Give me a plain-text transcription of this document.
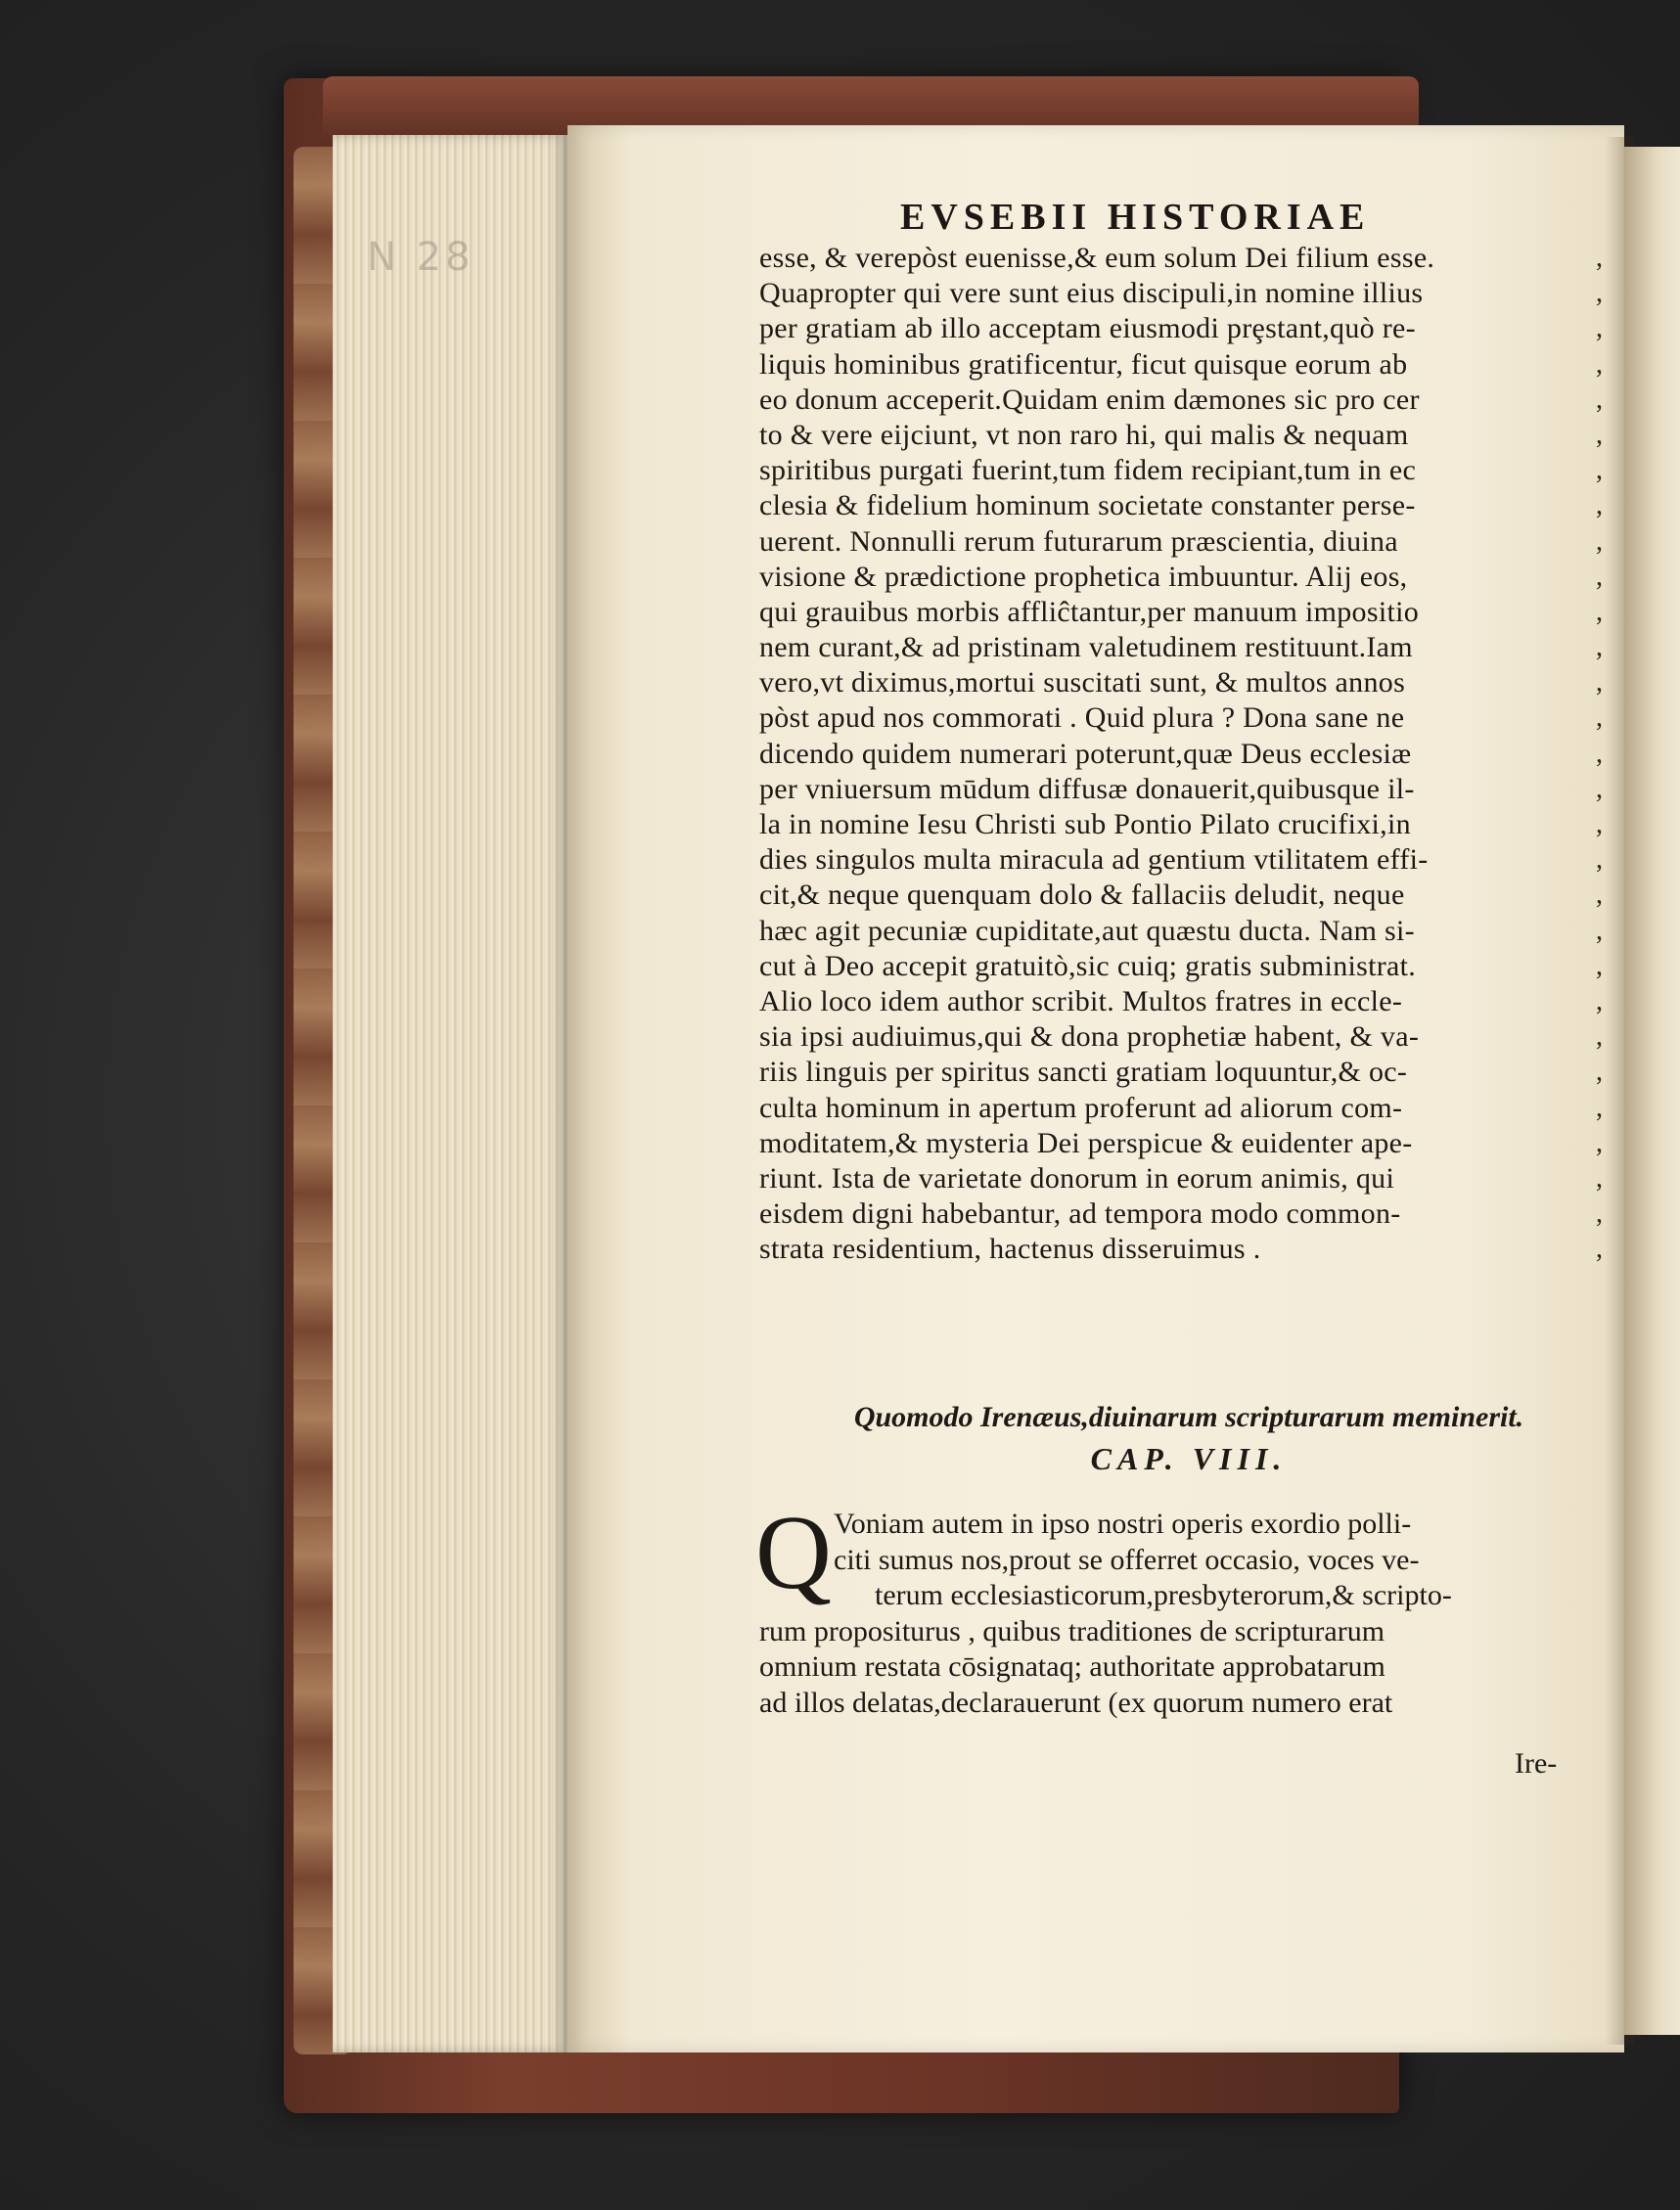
N 28
EVSEBII HISTORIAE
esse, & verepòst euenisse,& eum solum Dei filium esse.	,
Quapropter qui vere sunt eius discipuli,in nomine illius	,
per gratiam ab illo acceptam eiusmodi prȩstant,quò re-	,
liquis hominibus gratificentur, ficut quisque eorum ab	,
eo donum acceperit.Quidam enim dæmones sic pro cer	,
to & vere eijciunt, vt non raro hi, qui malis & nequam	,
spiritibus purgati fuerint,tum fidem recipiant,tum in ec	,
clesia & fidelium hominum societate constanter perse-	,
uerent. Nonnulli rerum futurarum præscientia, diuina	,
visione & prædictione prophetica imbuuntur. Alij eos,	,
qui grauibus morbis affliĉtantur,per manuum impositio	,
nem curant,& ad pristinam valetudinem restituunt.Iam	,
vero,vt diximus,mortui suscitati sunt, & multos annos	,
pòst apud nos commorati . Quid plura ? Dona sane ne	,
dicendo quidem numerari poterunt,quæ Deus ecclesiæ	,
per vniuersum mūdum diffusæ donauerit,quibusque il-	,
la in nomine Iesu Christi sub Pontio Pilato crucifixi,in	,
dies singulos multa miracula ad gentium vtilitatem effi-	,
cit,& neque quenquam dolo & fallaciis deludit, neque	,
hæc agit pecuniæ cupiditate,aut quæstu ducta. Nam si-	,
cut à Deo accepit gratuitò,sic cuiq; gratis subministrat.	,
Alio loco idem author scribit. Multos fratres in eccle-	,
sia ipsi audiuimus,qui & dona prophetiæ habent, & va-	,
riis linguis per spiritus sancti gratiam loquuntur,& oc-	,
culta hominum in apertum proferunt ad aliorum com-	,
moditatem,& mysteria Dei perspicue & euidenter ape-	,
riunt. Ista de varietate donorum in eorum animis, qui	,
eisdem digni habebantur, ad tempora modo common-	,
strata residentium, hactenus disseruimus .	,
Quomodo Irenæus,diuinarum scripturarum meminerit.
CAP. VIII.
Q Voniam autem in ipso nostri operis exordio polli-
citi sumus nos,prout se offerret occasio, voces ve-
terum ecclesiasticorum,presbyterorum,& scripto-
rum propositurus , quibus traditiones de scripturarum
omnium restata cōsignataq; authoritate approbatarum
ad illos delatas,declarauerunt (ex quorum numero erat
Ire-
